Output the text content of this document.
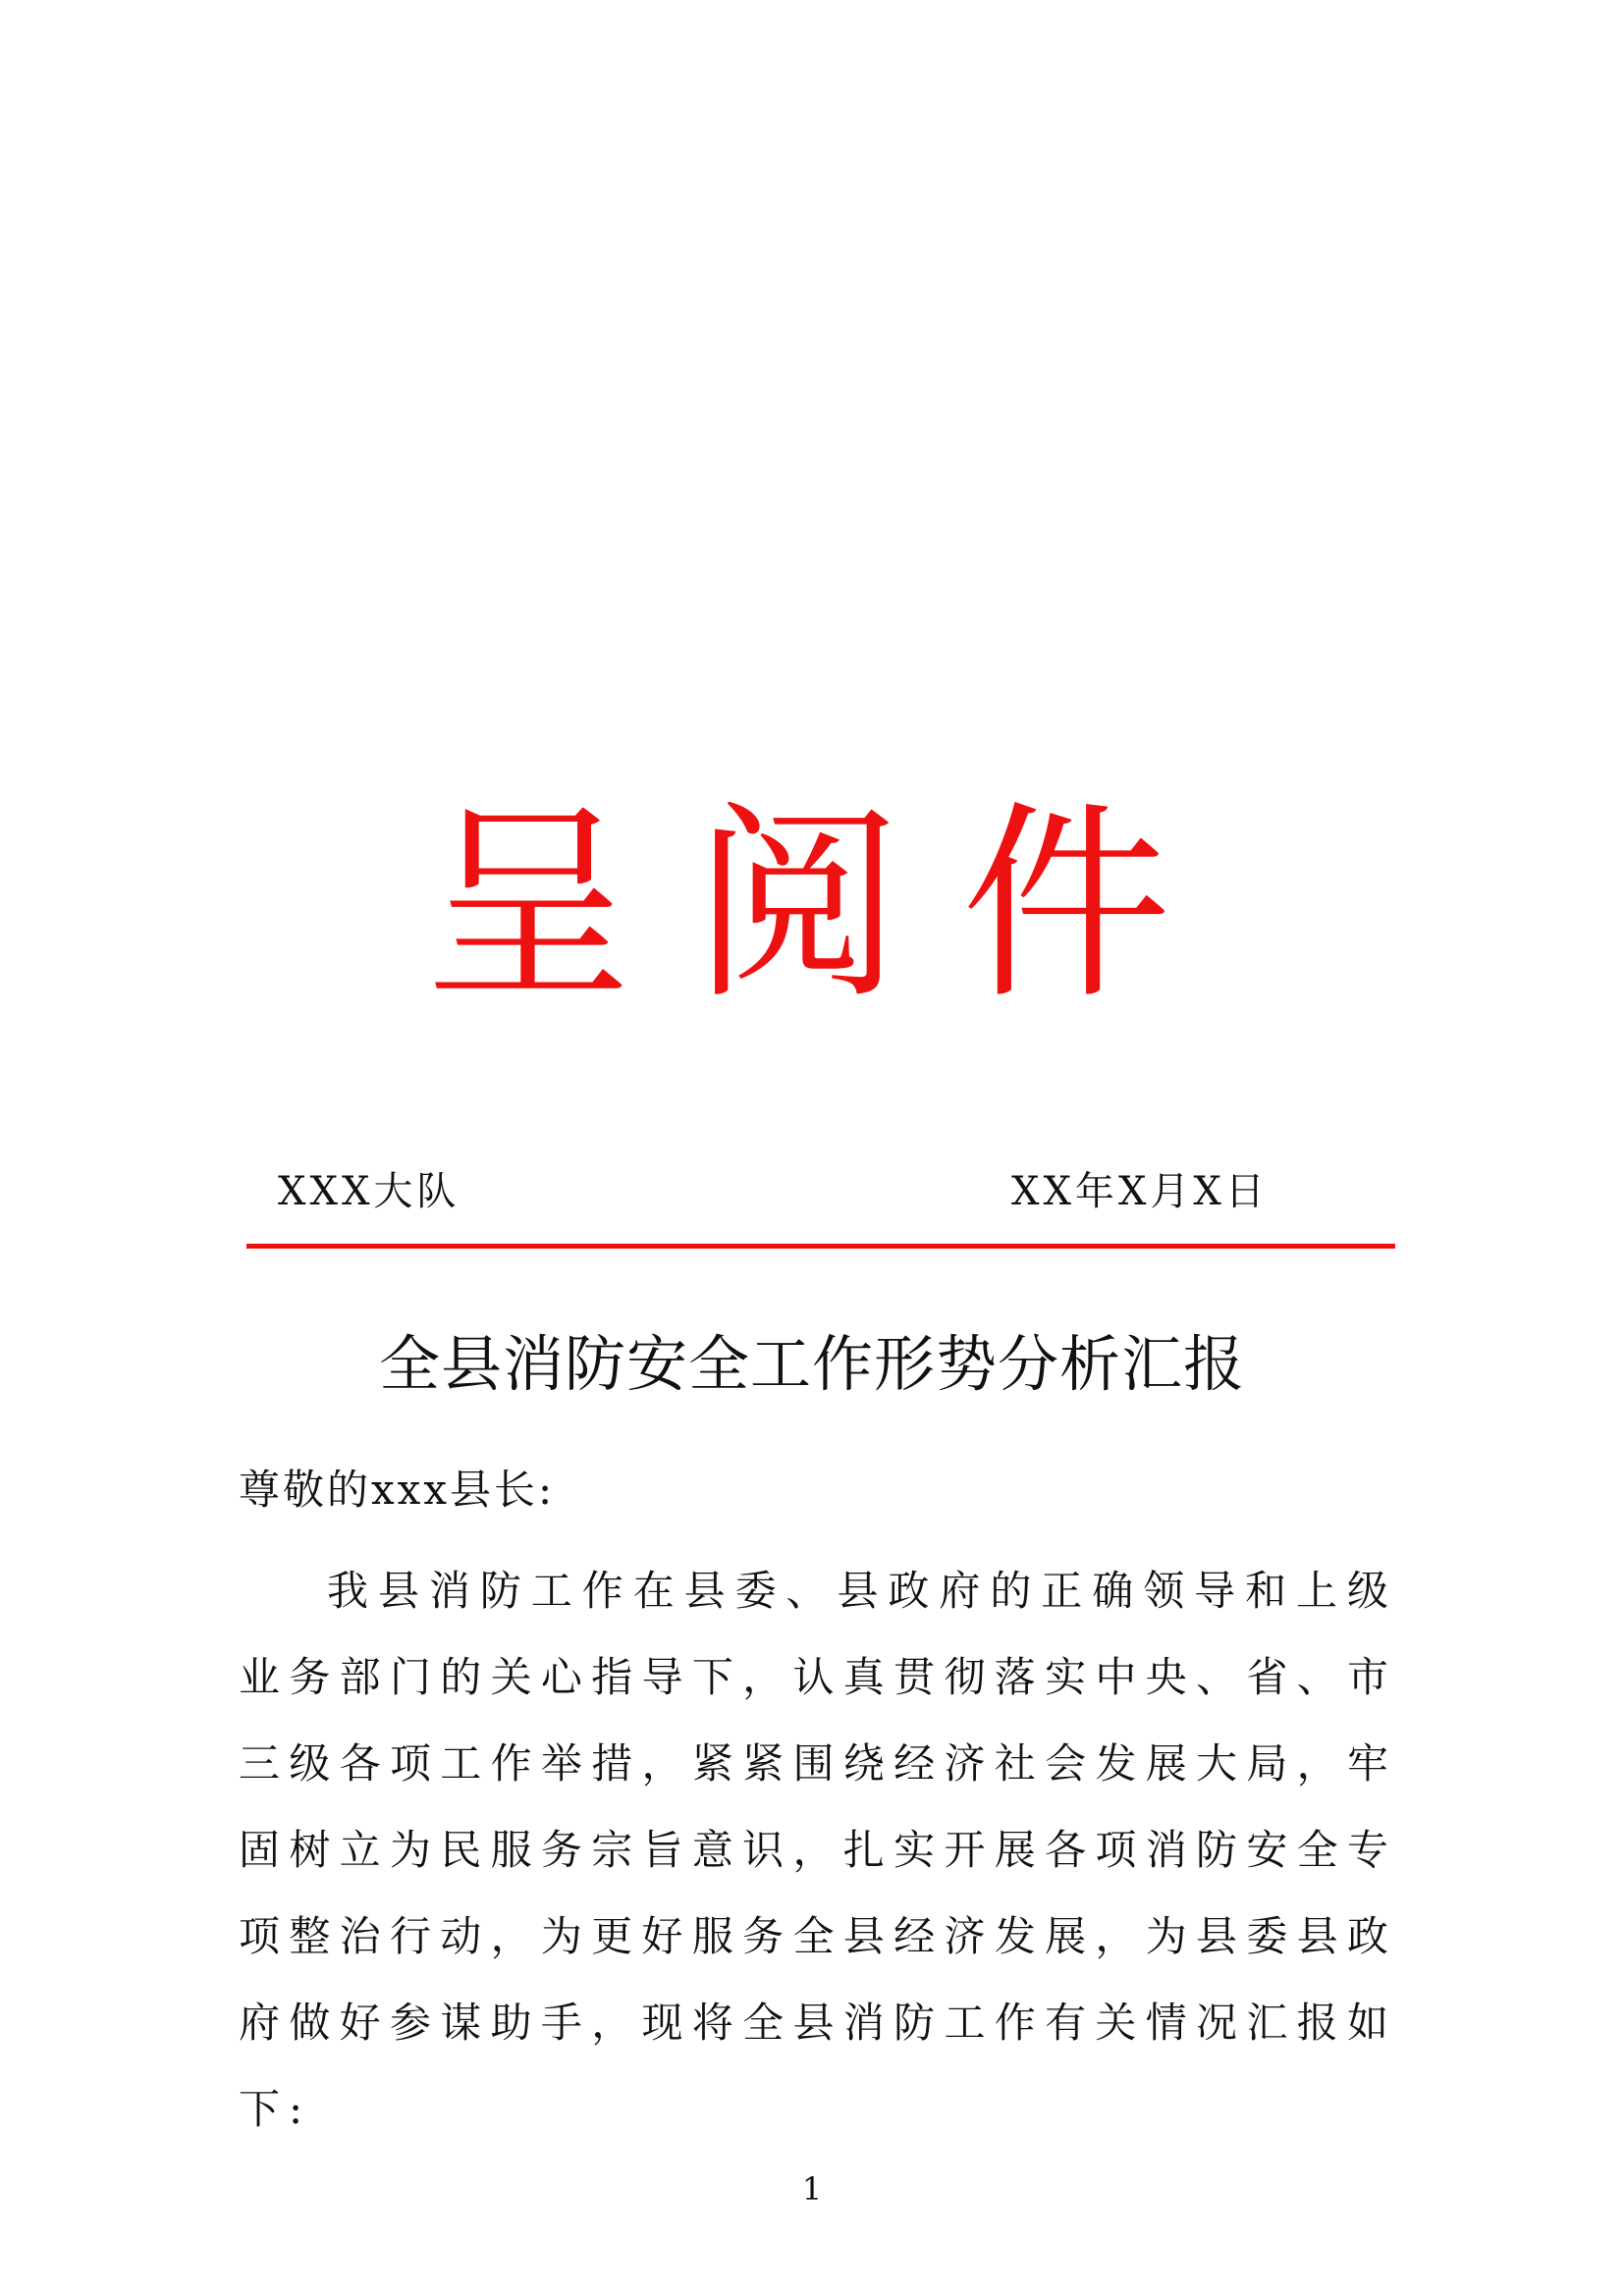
呈阅件
XXX大队	XX年X月X日
全县消防安全工作形势分析汇报
尊敬的xxx县长:

我县消防工作在县委、县政府的正确领导和上级业务部门的关心指导下，认真贯彻落实中央、省、市三级各项工作举措，紧紧围绕经济社会发展大局，牢固树立为民服务宗旨意识，扎实开展各项消防安全专项整治行动，为更好服务全县经济发展，为县委县政府做好参谋助手，现将全县消防工作有关情况汇报如下:

1
